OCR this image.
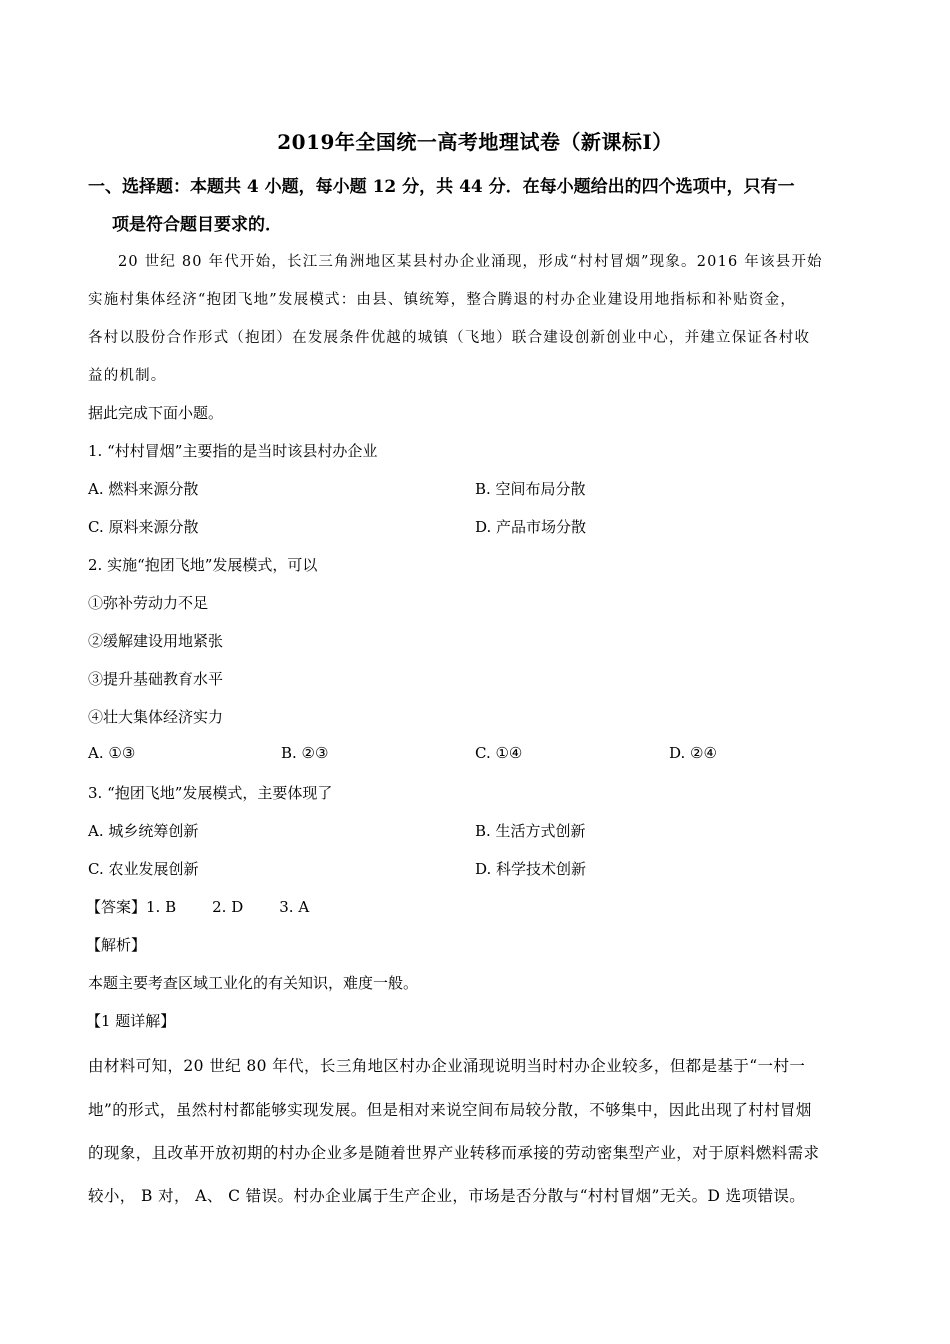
2019年全国统一高考地理试卷（新课标I）
一、选择题：本题共 4 小题，每小题 12 分，共 44 分．在每小题给出的四个选项中，只有一
项是符合题目要求的．
20 世纪 80 年代开始，长江三角洲地区某县村办企业涌现，形成“村村冒烟”现象。2016 年该县开始
实施村集体经济“抱团飞地”发展模式：由县、镇统筹，整合腾退的村办企业建设用地指标和补贴资金，
各村以股份合作形式（抱团）在发展条件优越的城镇（飞地）联合建设创新创业中心，并建立保证各村收
益的机制。
据此完成下面小题。
1. “村村冒烟”主要指的是当时该县村办企业
A. 燃料来源分散	B. 空间布局分散
C. 原料来源分散	D. 产品市场分散
2. 实施“抱团飞地”发展模式，可以
①弥补劳动力不足
②缓解建设用地紧张
③提升基础教育水平
④壮大集体经济实力
A. ①③	B. ②③	C. ①④	D. ②④
3. “抱团飞地”发展模式，主要体现了
A. 城乡统筹创新	B. 生活方式创新
C. 农业发展创新	D. 科学技术创新
【答案】1. B 2. D 3. A
【解析】
本题主要考查区域工业化的有关知识，难度一般。
【1 题详解】
由材料可知，20 世纪 80 年代，长三角地区村办企业涌现说明当时村办企业较多，但都是基于“一村一
地”的形式，虽然村村都能够实现发展。但是相对来说空间布局较分散，不够集中，因此出现了村村冒烟
的现象，且改革开放初期的村办企业多是随着世界产业转移而承接的劳动密集型产业，对于原料燃料需求
较小， B 对， A、 C 错误。村办企业属于生产企业，市场是否分散与“村村冒烟”无关。D 选项错误。
